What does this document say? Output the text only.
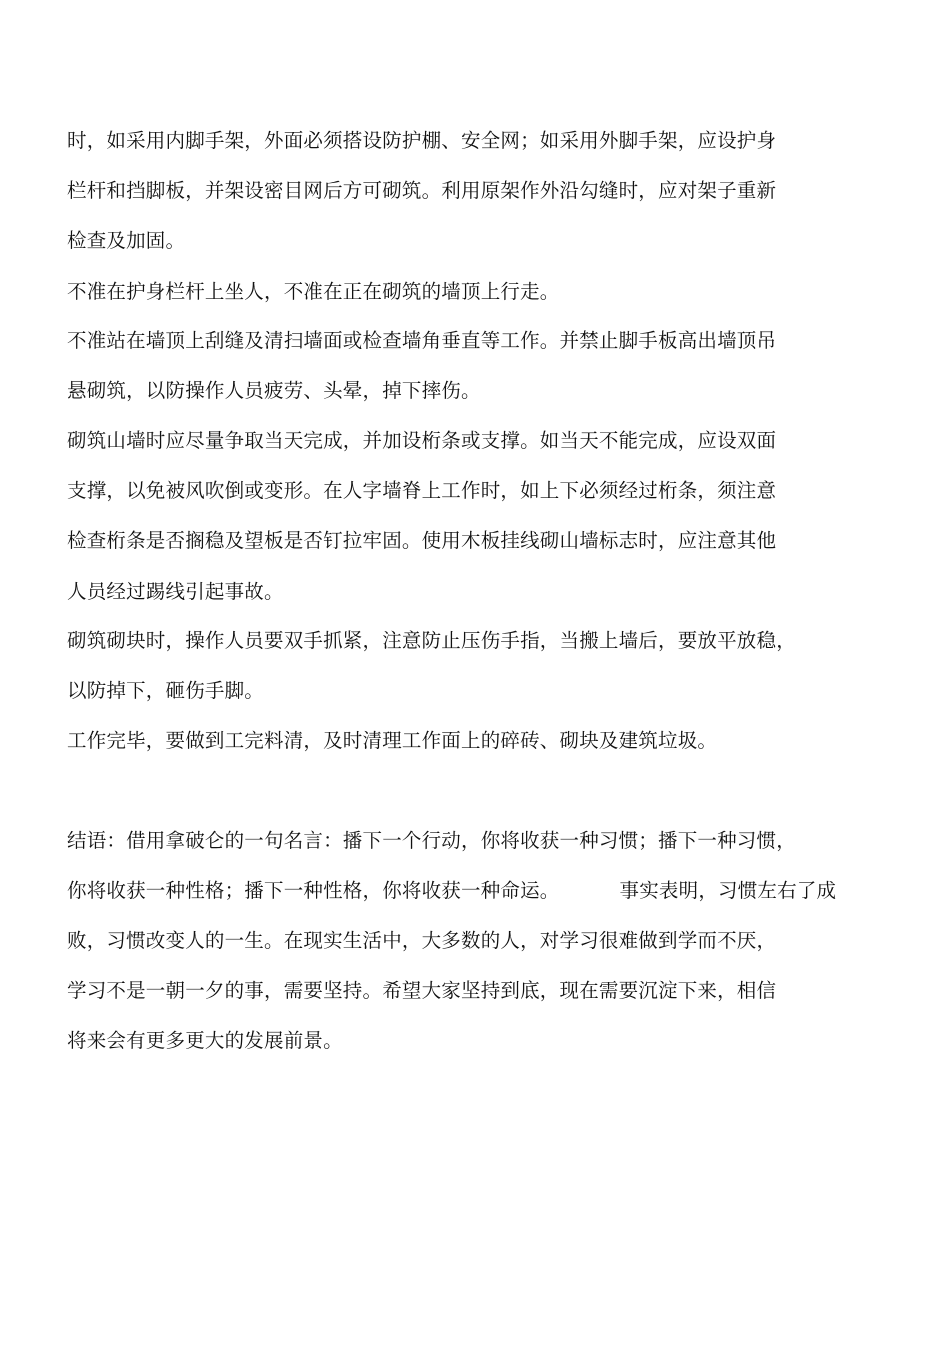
时，如采用内脚手架，外面必须搭设防护棚、安全网；如采用外脚手架，应设护身
栏杆和挡脚板，并架设密目网后方可砌筑。利用原架作外沿勾缝时，应对架子重新
检查及加固。
不准在护身栏杆上坐人，不准在正在砌筑的墙顶上行走。
不准站在墙顶上刮缝及清扫墙面或检查墙角垂直等工作。并禁止脚手板高出墙顶吊
悬砌筑，以防操作人员疲劳、头晕，掉下摔伤。
砌筑山墙时应尽量争取当天完成，并加设桁条或支撑。如当天不能完成，应设双面
支撑，以免被风吹倒或变形。在人字墙脊上工作时，如上下必须经过桁条，须注意
检查桁条是否搁稳及望板是否钉拉牢固。使用木板挂线砌山墙标志时，应注意其他
人员经过踢线引起事故。
砌筑砌块时，操作人员要双手抓紧，注意防止压伤手指，当搬上墙后，要放平放稳，
以防掉下，砸伤手脚。
工作完毕，要做到工完料清，及时清理工作面上的碎砖、砌块及建筑垃圾。
结语：借用拿破仑的一句名言：播下一个行动，你将收获一种习惯；播下一种习惯，
你将收获一种性格；播下一种性格，你将收获一种命运。	事实表明，习惯左右了成
败，习惯改变人的一生。在现实生活中，大多数的人，对学习很难做到学而不厌，
学习不是一朝一夕的事，需要坚持。希望大家坚持到底，现在需要沉淀下来，相信
将来会有更多更大的发展前景。
